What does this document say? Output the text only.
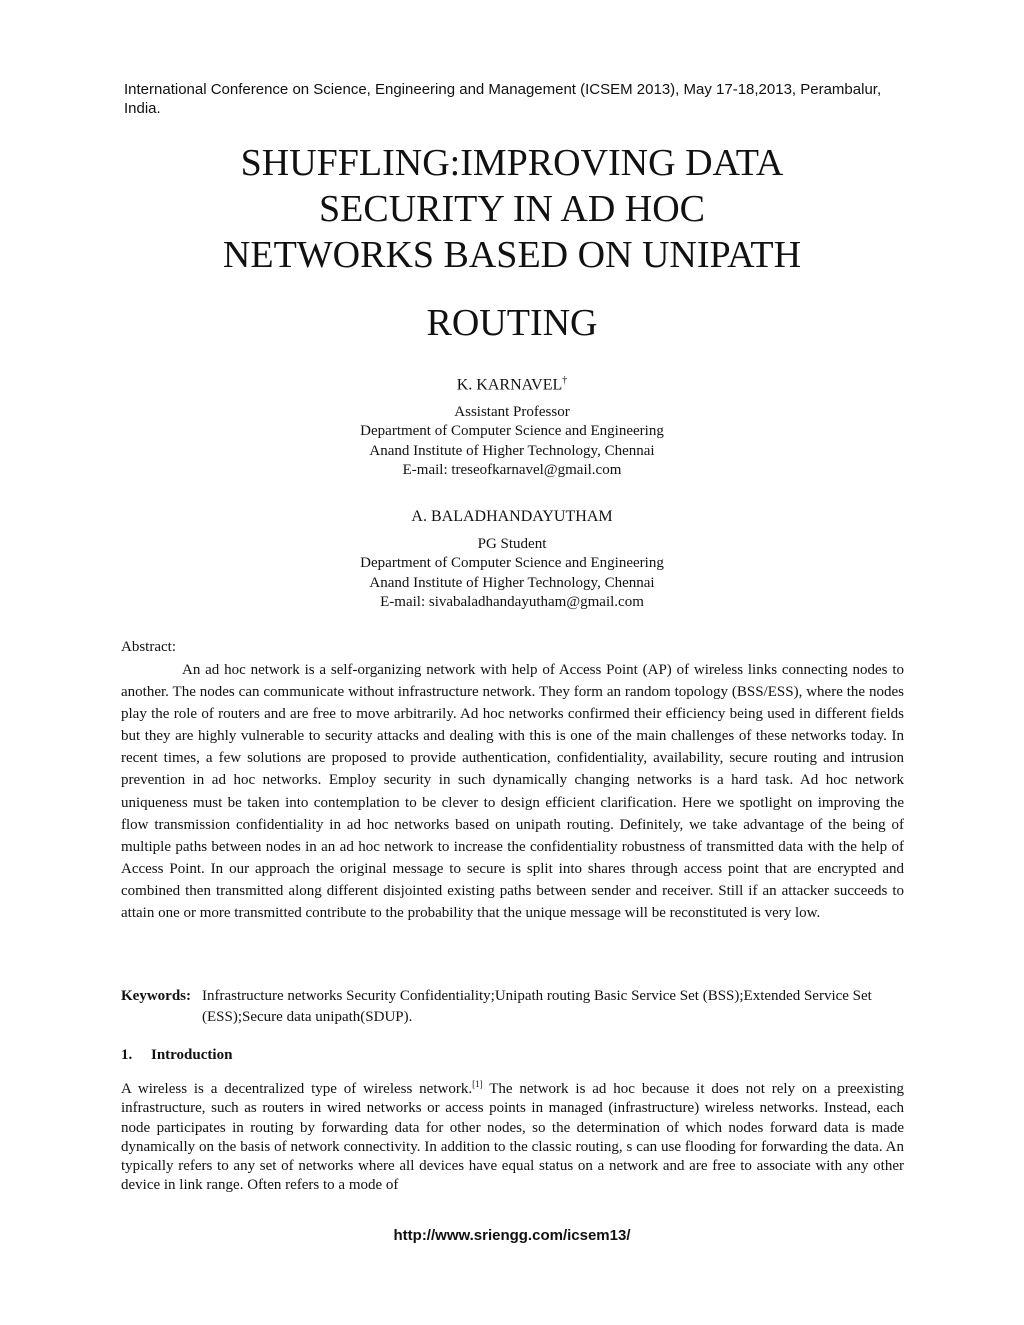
International Conference on Science, Engineering and Management (ICSEM 2013), May 17-18,2013, Perambalur, India.
SHUFFLING:IMPROVING DATA
SECURITY IN AD HOC
NETWORKS BASED ON UNIPATH
ROUTING
K. KARNAVEL†
Assistant Professor
Department of Computer Science and Engineering
Anand Institute of Higher Technology, Chennai
E-mail: treseofkarnavel@gmail.com
A. BALADHANDAYUTHAM
PG Student
Department of Computer Science and Engineering
Anand Institute of Higher Technology, Chennai
E-mail: sivabaladhandayutham@gmail.com
Abstract:
An ad hoc network is a self-organizing network with help of Access Point (AP) of wireless links connecting nodes to another. The nodes can communicate without infrastructure network. They form an random topology (BSS/ESS), where the nodes play the role of routers and are free to move arbitrarily. Ad hoc networks confirmed their efficiency being used in different fields but they are highly vulnerable to security attacks and dealing with this is one of the main challenges of these networks today. In recent times, a few solutions are proposed to provide authentication, confidentiality, availability, secure routing and intrusion prevention in ad hoc networks. Employ security in such dynamically changing networks is a hard task. Ad hoc network uniqueness must be taken into contemplation to be clever to design efficient clarification. Here we spotlight on improving the flow transmission confidentiality in ad hoc networks based on unipath routing. Definitely, we take advantage of the being of multiple paths between nodes in an ad hoc network to increase the confidentiality robustness of transmitted data with the help of Access Point. In our approach the original message to secure is split into shares through access point that are encrypted and combined then transmitted along different disjointed existing paths between sender and receiver. Still if an attacker succeeds to attain one or more transmitted contribute to the probability that the unique message will be reconstituted is very low.
Keywords: Infrastructure networks Security Confidentiality;Unipath routing Basic Service Set (BSS);Extended Service Set (ESS);Secure data unipath(SDUP).
1. Introduction
A wireless is a decentralized type of wireless network.[1] The network is ad hoc because it does not rely on a preexisting infrastructure, such as routers in wired networks or access points in managed (infrastructure) wireless networks. Instead, each node participates in routing by forwarding data for other nodes, so the determination of which nodes forward data is made dynamically on the basis of network connectivity. In addition to the classic routing, s can use flooding for forwarding the data. An typically refers to any set of networks where all devices have equal status on a network and are free to associate with any other device in link range. Often refers to a mode of
http://www.sriengg.com/icsem13/
